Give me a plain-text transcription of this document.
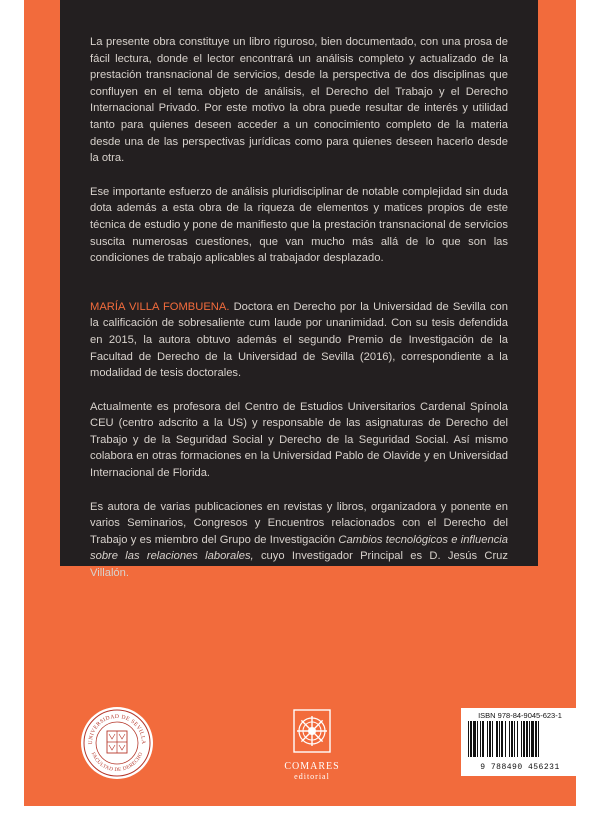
La presente obra constituye un libro riguroso, bien documentado, con una prosa de fácil lectura, donde el lector encontrará un análisis completo y actualizado de la prestación transnacional de servicios, desde la perspectiva de dos disciplinas que confluyen en el tema objeto de análisis, el Derecho del Trabajo y el Derecho Internacional Privado. Por este motivo la obra puede resultar de interés y utilidad tanto para quienes deseen acceder a un conocimiento completo de la materia desde una de las perspectivas jurídicas como para quienes deseen hacerlo desde la otra.

Ese importante esfuerzo de análisis pluridisciplinar de notable complejidad sin duda dota además a esta obra de la riqueza de elementos y matices propios de este técnica de estudio y pone de manifiesto que la prestación transnacional de servicios suscita numerosas cuestiones, que van mucho más allá de lo que son las condiciones de trabajo aplicables al trabajador desplazado.

MARÍA VILLA FOMBUENA. Doctora en Derecho por la Universidad de Sevilla con la calificación de sobresaliente cum laude por unanimidad. Con su tesis defendida en 2015, la autora obtuvo además el segundo Premio de Investigación de la Facultad de Derecho de la Universidad de Sevilla (2016), correspondiente a la modalidad de tesis doctorales.

Actualmente es profesora del Centro de Estudios Universitarios Cardenal Spínola CEU (centro adscrito a la US) y responsable de las asignaturas de Derecho del Trabajo y de la Seguridad Social y Derecho de la Seguridad Social. Así mismo colabora en otras formaciones en la Universidad Pablo de Olavide y en Universidad Internacional de Florida.

Es autora de varias publicaciones en revistas y libros, organizadora y ponente en varios Seminarios, Congresos y Encuentros relacionados con el Derecho del Trabajo y es miembro del Grupo de Investigación Cambios tecnológicos e influencia sobre las relaciones laborales, cuyo Investigador Principal es D. Jesús Cruz Villalón.

UNIVERSIDAD DE SEVILLA
FACULTAD DE DERECHO
COMARES
editorial
ISBN 978-84-9045-623-1
9 788490 456231
